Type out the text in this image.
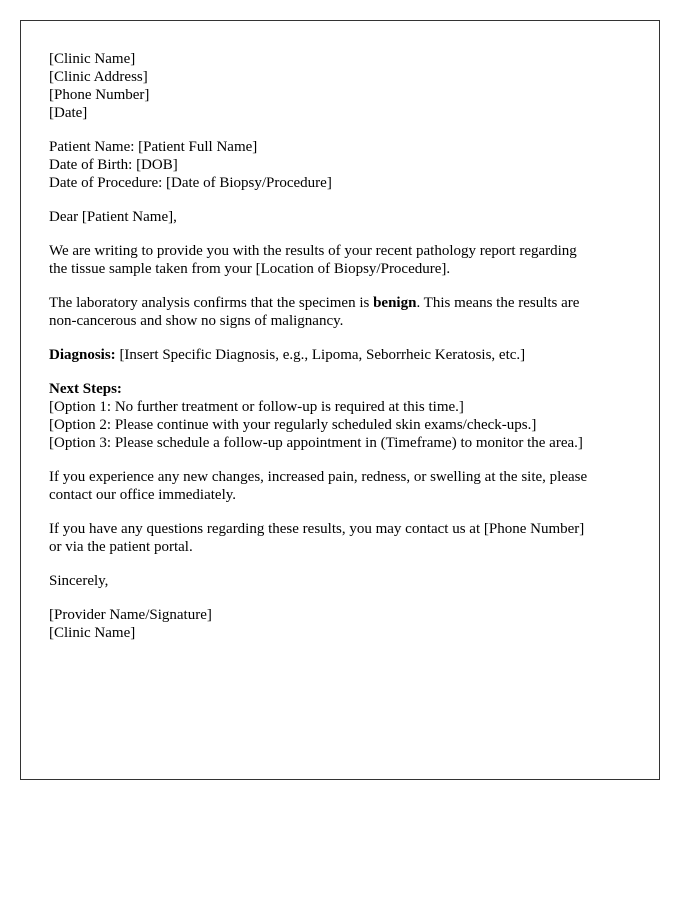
[Clinic Name]
[Clinic Address]
[Phone Number]
[Date]
Patient Name: [Patient Full Name]
Date of Birth: [DOB]
Date of Procedure: [Date of Biopsy/Procedure]
Dear [Patient Name],
We are writing to provide you with the results of your recent pathology report regarding
the tissue sample taken from your [Location of Biopsy/Procedure].
The laboratory analysis confirms that the specimen is benign. This means the results are
non-cancerous and show no signs of malignancy.
Diagnosis: [Insert Specific Diagnosis, e.g., Lipoma, Seborrheic Keratosis, etc.]
Next Steps:
[Option 1: No further treatment or follow-up is required at this time.]
[Option 2: Please continue with your regularly scheduled skin exams/check-ups.]
[Option 3: Please schedule a follow-up appointment in (Timeframe) to monitor the area.]
If you experience any new changes, increased pain, redness, or swelling at the site, please
contact our office immediately.
If you have any questions regarding these results, you may contact us at [Phone Number]
or via the patient portal.
Sincerely,
[Provider Name/Signature]
[Clinic Name]
